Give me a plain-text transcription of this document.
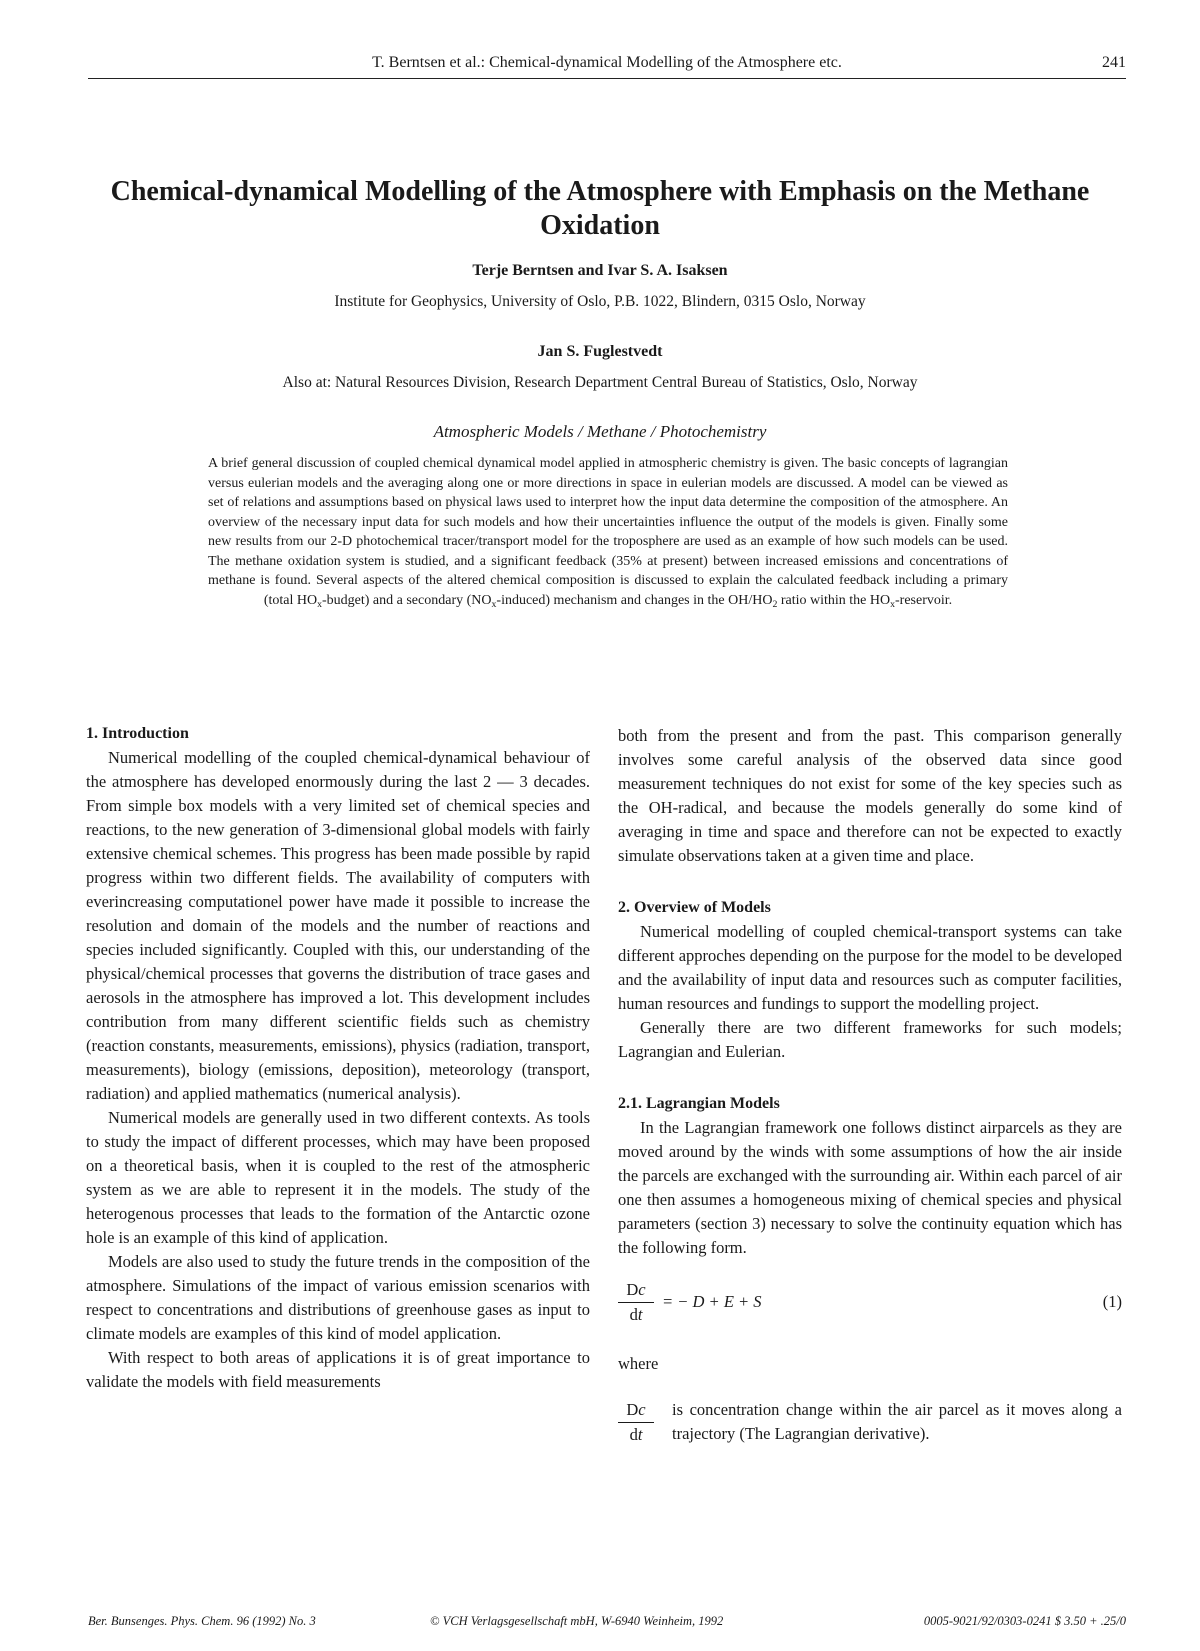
T. Berntsen et al.: Chemical-dynamical Modelling of the Atmosphere etc.	241
Chemical-dynamical Modelling of the Atmosphere with Emphasis on the Methane Oxidation
Terje Berntsen and Ivar S. A. Isaksen
Institute for Geophysics, University of Oslo, P.B. 1022, Blindern, 0315 Oslo, Norway
Jan S. Fuglestvedt
Also at: Natural Resources Division, Research Department Central Bureau of Statistics, Oslo, Norway
Atmospheric Models / Methane / Photochemistry
A brief general discussion of coupled chemical dynamical model applied in atmospheric chemistry is given. The basic concepts of lagrangian versus eulerian models and the averaging along one or more directions in space in eulerian models are discussed. A model can be viewed as set of relations and assumptions based on physical laws used to interpret how the input data determine the composition of the atmosphere. An overview of the necessary input data for such models and how their uncertainties influence the output of the models is given. Finally some new results from our 2-D photochemical tracer/transport model for the troposphere are used as an example of how such models can be used. The methane oxidation system is studied, and a significant feedback (35% at present) between increased emissions and concentrations of methane is found. Several aspects of the altered chemical composition is discussed to explain the calculated feedback including a primary (total $HO_x-budget$) and a secondary $(NO_x-induced)$ mechanism and changes in the $OH/HO_2$ ratio within the $HO_x$-reservoir.
1. Introduction

Numerical modelling of the coupled chemical-dynamical behaviour of the atmosphere has developed enormously during the last 2 — 3 decades. From simple box models with a very limited set of chemical species and reactions, to the new generation of 3-dimensional global models with fairly extensive chemical schemes. This progress has been made possible by rapid progress within two different fields. The availability of computers with everincreasing computationel power have made it possible to increase the resolution and domain of the models and the number of reactions and species included significantly. Coupled with this, our understanding of the physical/chemical processes that governs the distribution of trace gases and aerosols in the atmosphere has improved a lot. This development includes contribution from many different scientific fields such as chemistry (reaction constants, measurements, emissions), physics (radiation, transport, measurements), biology (emissions, deposition), meteorology (transport, radiation) and applied mathematics (numerical analysis).

Numerical models are generally used in two different contexts. As tools to study the impact of different processes, which may have been proposed on a theoretical basis, when it is coupled to the rest of the atmospheric system as we are able to represent it in the models. The study of the heterogenous processes that leads to the formation of the Antarctic ozone hole is an example of this kind of application.

Models are also used to study the future trends in the composition of the atmosphere. Simulations of the impact of various emission scenarios with respect to concentrations and distributions of greenhouse gases as input to climate models are examples of this kind of model application.

With respect to both areas of applications it is of great importance to validate the models with field measurements

both from the present and from the past. This comparison generally involves some careful analysis of the observed data since good measurement techniques do not exist for some of the key species such as the OH-radical, and because the models generally do some kind of averaging in time and space and therefore can not be expected to exactly simulate observations taken at a given time and place.

2. Overview of Models

Numerical modelling of coupled chemical-transport systems can take different approches depending on the purpose for the model to be developed and the availability of input data and resources such as computer facilities, human resources and fundings to support the modelling project.

Generally there are two different frameworks for such models; Lagrangian and Eulerian.

2.1. Lagrangian Models

In the Lagrangian framework one follows distinct airparcels as they are moved around by the winds with some assumptions of how the air inside the parcels are exchanged with the surrounding air. Within each parcel of air one then assumes a homogeneous mixing of chemical species and physical parameters (section 3) necessary to solve the continuity equation which has the following form.

$\frac{Dc}{dt}$ = − D + E + S	(1)
where
$\frac{Dc}{dt}$ is concentration change within the air parcel as it moves along a trajectory (The Lagrangian derivative).
Ber. Bunsenges. Phys. Chem. 96 (1992) No. 3	© VCH Verlagsgesellschaft mbH, W-6940 Weinheim, 1992	0005-9021/92/0303-0241 $ 3.50 + .25/0
